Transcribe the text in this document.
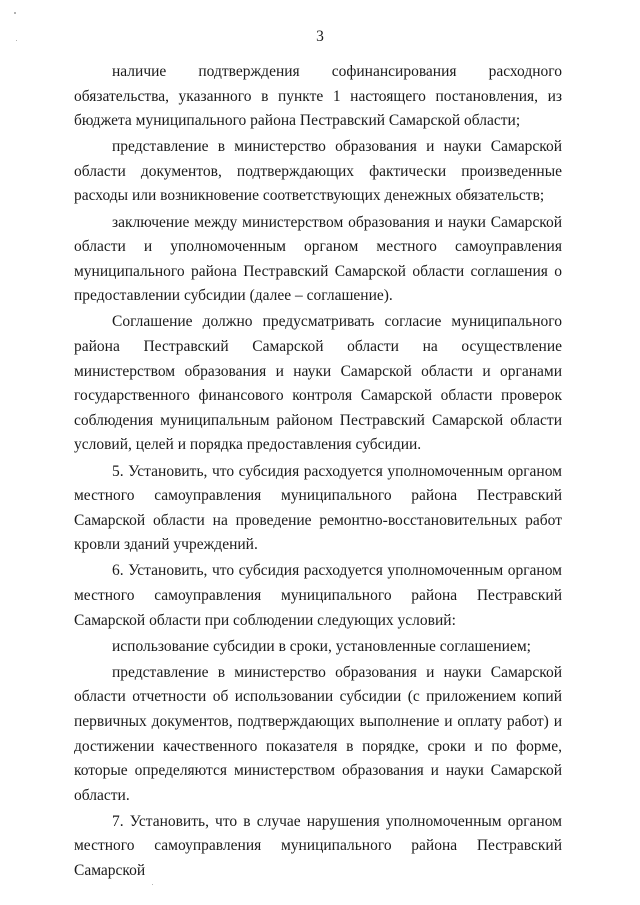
3

наличие подтверждения софинансирования расходного обязательства, указанного в пункте 1 настоящего постановления, из бюджета муниципального района Пестравский Самарской области;

представление в министерство образования и науки Самарской области документов, подтверждающих фактически произведенные расходы или возникновение соответствующих денежных обязательств;

заключение между министерством образования и науки Самарской области и уполномоченным органом местного самоуправления муниципального района Пестравский Самарской области соглашения о предоставлении субсидии (далее – соглашение).

Соглашение должно предусматривать согласие муниципального района Пестравский Самарской области на осуществление министерством образования и науки Самарской области и органами государственного финансового контроля Самарской области проверок соблюдения муниципальным районом Пестравский Самарской области условий, целей и порядка предоставления субсидии.

5. Установить, что субсидия расходуется уполномоченным органом местного самоуправления муниципального района Пестравский Самарской области на проведение ремонтно-восстановительных работ кровли зданий учреждений.

6. Установить, что субсидия расходуется уполномоченным органом местного самоуправления муниципального района Пестравский Самарской области при соблюдении следующих условий:

использование субсидии в сроки, установленные соглашением;

представление в министерство образования и науки Самарской области отчетности об использовании субсидии (с приложением копий первичных документов, подтверждающих выполнение и оплату работ) и достижении качественного показателя в порядке, сроки и по форме, которые определяются министерством образования и науки Самарской области.

7. Установить, что в случае нарушения уполномоченным органом местного самоуправления муниципального района Пестравский Самарской
